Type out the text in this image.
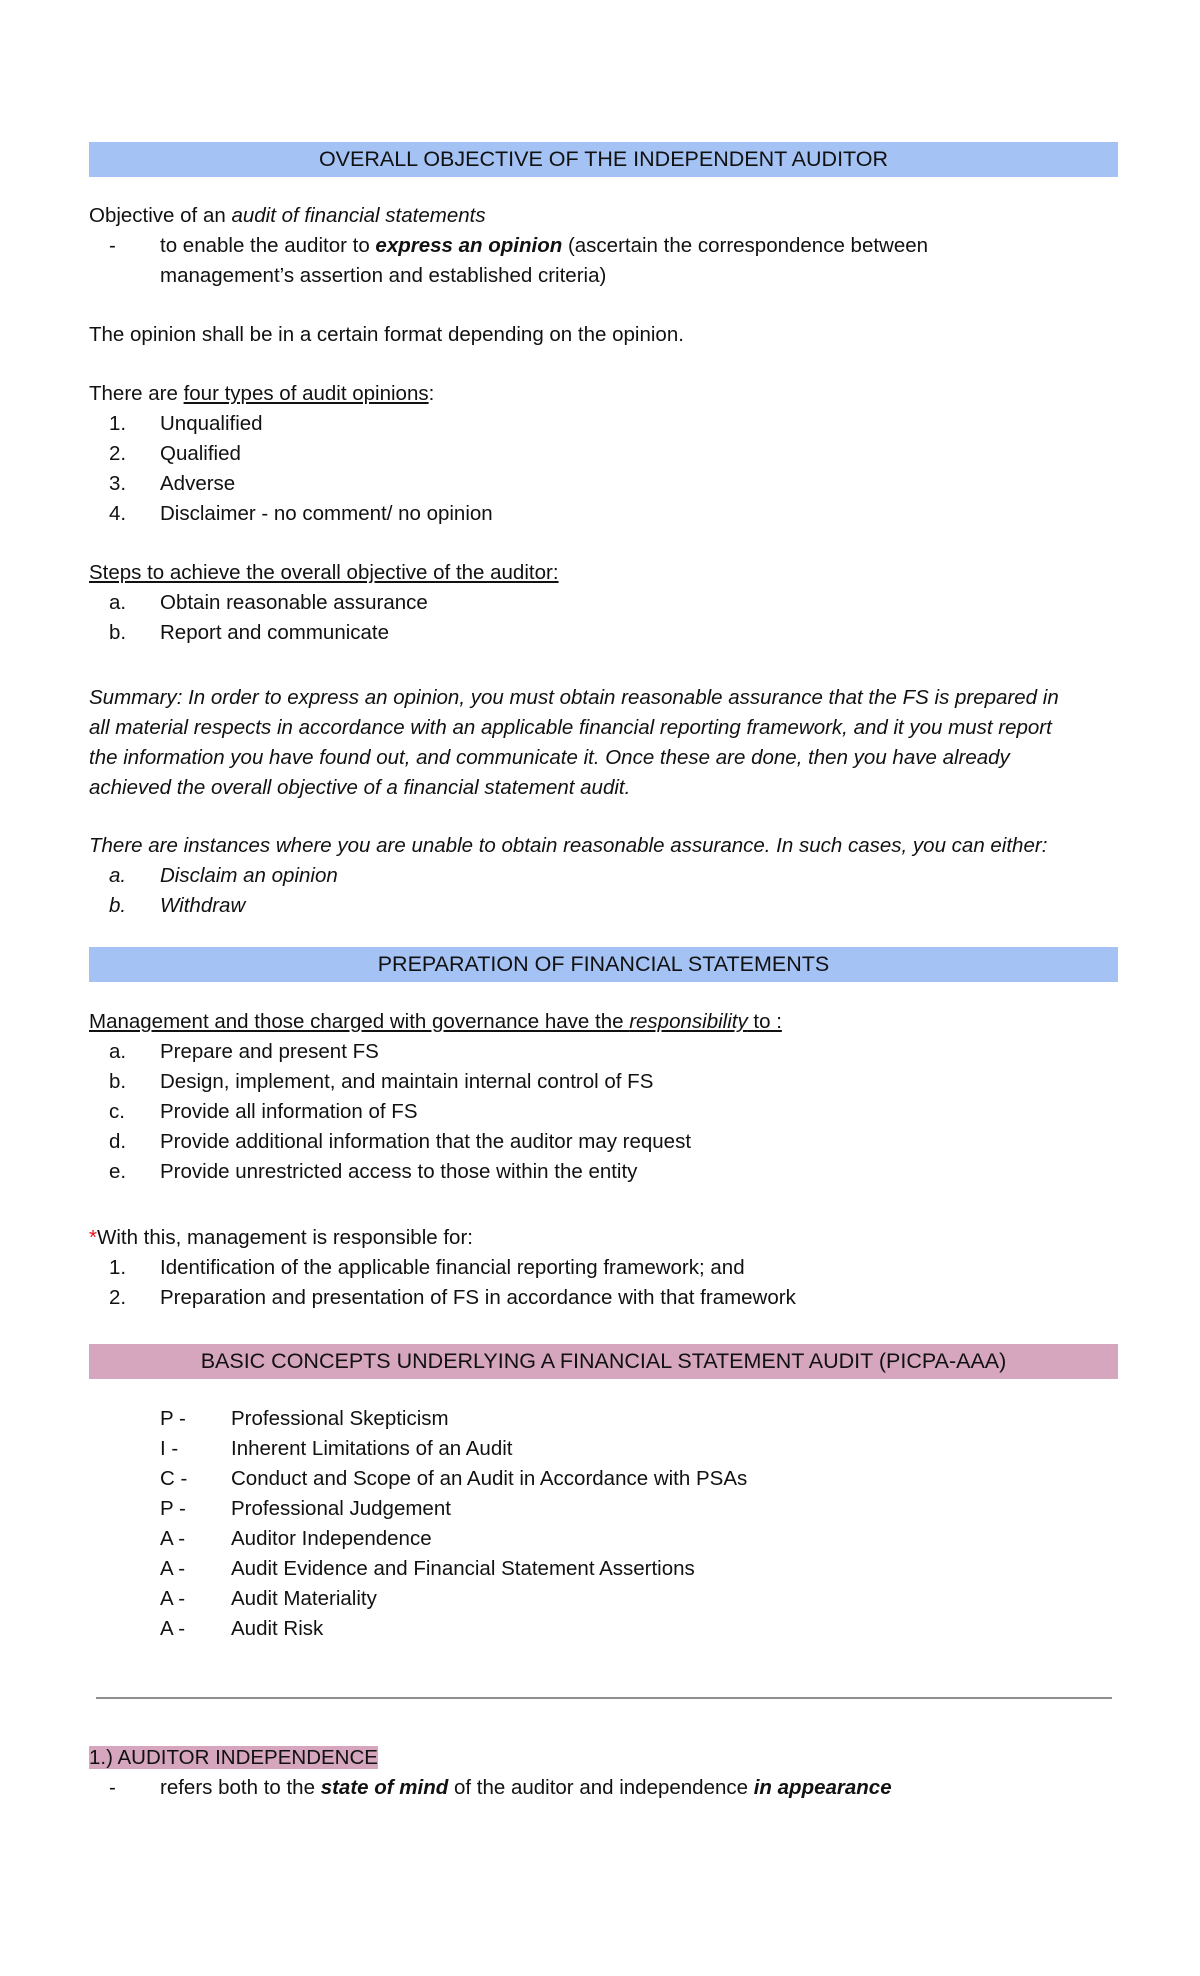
OVERALL OBJECTIVE OF THE INDEPENDENT AUDITOR

Objective of an audit of financial statements

- to enable the auditor to express an opinion (ascertain the correspondence between

management’s assertion and established criteria)

The opinion shall be in a certain format depending on the opinion.

There are four types of audit opinions:

1. Unqualified
2. Qualified
3. Adverse
4. Disclaimer - no comment/ no opinion

Steps to achieve the overall objective of the auditor:

a. Obtain reasonable assurance
b. Report and communicate

Summary: In order to express an opinion, you must obtain reasonable assurance that the FS is prepared in

all material respects in accordance with an applicable financial reporting framework, and it you must report

the information you have found out, and communicate it. Once these are done, then you have already

achieved the overall objective of a financial statement audit.

There are instances where you are unable to obtain reasonable assurance. In such cases, you can either:

a. Disclaim an opinion
b. Withdraw
PREPARATION OF FINANCIAL STATEMENTS

Management and those charged with governance have the responsibility to :

a. Prepare and present FS
b. Design, implement, and maintain internal control of FS
c. Provide all information of FS
d. Provide additional information that the auditor may request
e. Provide unrestricted access to those within the entity

*With this, management is responsible for:

1. Identification of the applicable financial reporting framework; and
2. Preparation and presentation of FS in accordance with that framework
BASIC CONCEPTS UNDERLYING A FINANCIAL STATEMENT AUDIT (PICPA-AAA)
P - Professional Skepticism
I -	Inherent Limitations of an Audit
C - Conduct and Scope of an Audit in Accordance with PSAs
P - Professional Judgement
A - Auditor Independence
A - Audit Evidence and Financial Statement Assertions
A - Audit Materiality
A - Audit Risk

1.) AUDITOR INDEPENDENCE

- refers both to the state of mind of the auditor and independence in appearance
